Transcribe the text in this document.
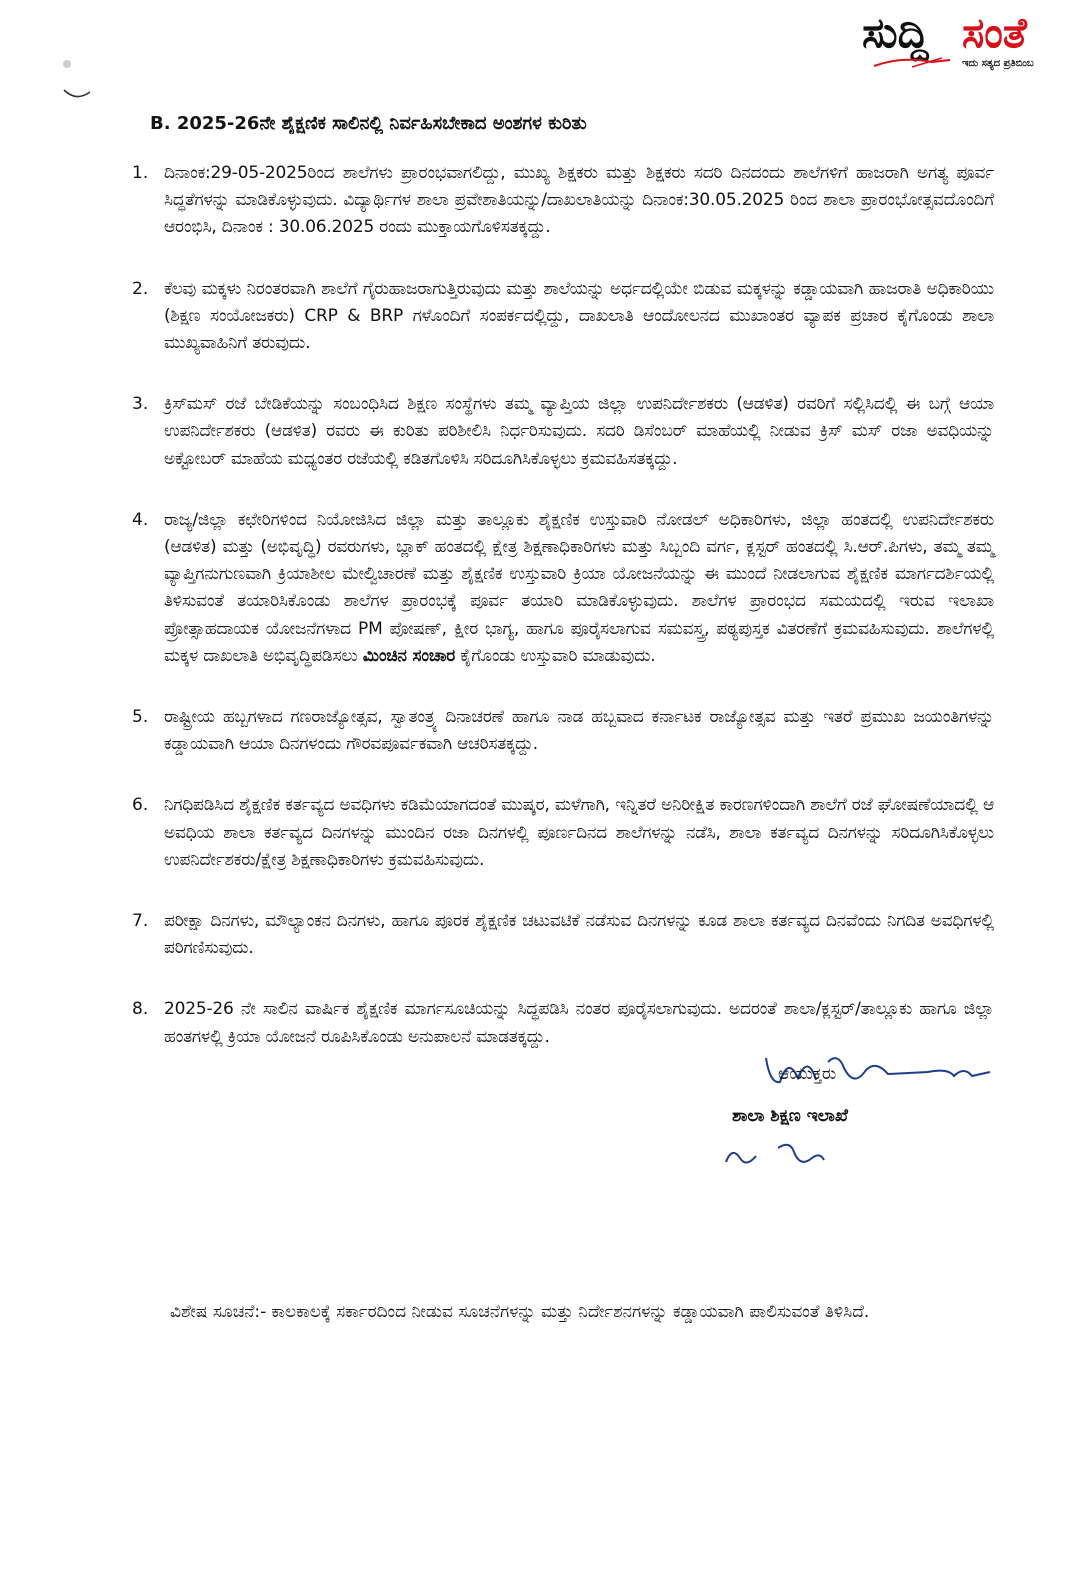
ಸುದ್ದಿ ಸಂತೆ
ಇದು ಸತ್ಯದ ಪ್ರತಿಬಿಂಬ
B. 2025-26ನೇ ಶೈಕ್ಷಣಿಕ ಸಾಲಿನಲ್ಲಿ ನಿರ್ವಹಿಸಬೇಕಾದ ಅಂಶಗಳ ಕುರಿತು
1. ದಿನಾಂಕ:29-05-2025ರಿಂದ ಶಾಲೆಗಳು ಪ್ರಾರಂಭವಾಗಲಿದ್ದು, ಮುಖ್ಯ ಶಿಕ್ಷಕರು ಮತ್ತು ಶಿಕ್ಷಕರು ಸದರಿ ದಿನದಂದು ಶಾಲೆಗಳಿಗೆ ಹಾಜರಾಗಿ ಅಗತ್ಯ ಪೂರ್ವ ಸಿದ್ಧತೆಗಳನ್ನು ಮಾಡಿಕೊಳ್ಳುವುದು. ವಿದ್ಯಾರ್ಥಿಗಳ ಶಾಲಾ ಪ್ರವೇಶಾತಿಯನ್ನು/ದಾಖಲಾತಿಯನ್ನು ದಿನಾಂಕ:30.05.2025 ರಿಂದ ಶಾಲಾ ಪ್ರಾರಂಭೋತ್ಸವದೊಂದಿಗೆ ಆರಂಭಿಸಿ, ದಿನಾಂಕ : 30.06.2025 ರಂದು ಮುಕ್ತಾಯಗೊಳಿಸತಕ್ಕದ್ದು.
2. ಕೆಲವು ಮಕ್ಕಳು ನಿರಂತರವಾಗಿ ಶಾಲೆಗೆ ಗೈರುಹಾಜರಾಗುತ್ತಿರುವುದು ಮತ್ತು ಶಾಲೆಯನ್ನು ಅರ್ಧದಲ್ಲಿಯೇ ಬಿಡುವ ಮಕ್ಕಳನ್ನು ಕಡ್ಡಾಯವಾಗಿ ಹಾಜರಾತಿ ಅಧಿಕಾರಿಯು (ಶಿಕ್ಷಣ ಸಂಯೋಜಕರು) CRP & BRP ಗಳೊಂದಿಗೆ ಸಂಪರ್ಕದಲ್ಲಿದ್ದು, ದಾಖಲಾತಿ ಆಂದೋಲನದ ಮುಖಾಂತರ ವ್ಯಾಪಕ ಪ್ರಚಾರ ಕೈಗೊಂಡು ಶಾಲಾ ಮುಖ್ಯವಾಹಿನಿಗೆ ತರುವುದು.
3. ಕ್ರಿಸ್‌ಮಸ್ ರಜೆ ಬೇಡಿಕೆಯನ್ನು ಸಂಬಂಧಿಸಿದ ಶಿಕ್ಷಣ ಸಂಸ್ಥೆಗಳು ತಮ್ಮ ವ್ಯಾಪ್ತಿಯ ಜಿಲ್ಲಾ ಉಪನಿರ್ದೇಶಕರು (ಆಡಳಿತ) ರವರಿಗೆ ಸಲ್ಲಿಸಿದಲ್ಲಿ ಈ ಬಗ್ಗೆ ಆಯಾ ಉಪನಿರ್ದೇಶಕರು (ಆಡಳಿತ) ರವರು ಈ ಕುರಿತು ಪರಿಶೀಲಿಸಿ ನಿರ್ಧರಿಸುವುದು. ಸದರಿ ಡಿಸೆಂಬರ್ ಮಾಹೆಯಲ್ಲಿ ನೀಡುವ ಕ್ರಿಸ್ ಮಸ್ ರಜಾ ಅವಧಿಯನ್ನು ಅಕ್ಟೋಬರ್ ಮಾಹೆಯ ಮಧ್ಯಂತರ ರಜೆಯಲ್ಲಿ ಕಡಿತಗೊಳಿಸಿ ಸರಿದೂಗಿಸಿಕೊಳ್ಳಲು ಕ್ರಮವಹಿಸತಕ್ಕದ್ದು.
4. ರಾಜ್ಯ/ಜಿಲ್ಲಾ ಕಛೇರಿಗಳಿಂದ ನಿಯೋಜಿಸಿದ ಜಿಲ್ಲಾ ಮತ್ತು ತಾಲ್ಲೂಕು ಶೈಕ್ಷಣಿಕ ಉಸ್ತುವಾರಿ ನೋಡಲ್ ಅಧಿಕಾರಿಗಳು, ಜಿಲ್ಲಾ ಹಂತದಲ್ಲಿ ಉಪನಿರ್ದೇಶಕರು (ಆಡಳಿತ) ಮತ್ತು (ಅಭಿವೃದ್ಧಿ) ರವರುಗಳು, ಬ್ಲಾಕ್ ಹಂತದಲ್ಲಿ ಕ್ಷೇತ್ರ ಶಿಕ್ಷಣಾಧಿಕಾರಿಗಳು ಮತ್ತು ಸಿಬ್ಬಂದಿ ವರ್ಗ, ಕ್ಲಸ್ಟರ್ ಹಂತದಲ್ಲಿ ಸಿ.ಆರ್.ಪಿಗಳು, ತಮ್ಮ ತಮ್ಮ ವ್ಯಾಪ್ತಿಗನುಗುಣವಾಗಿ ಕ್ರಿಯಾಶೀಲ ಮೇಲ್ವಿಚಾರಣೆ ಮತ್ತು ಶೈಕ್ಷಣಿಕ ಉಸ್ತುವಾರಿ ಕ್ರಿಯಾ ಯೋಜನೆಯನ್ನು ಈ ಮುಂದೆ ನೀಡಲಾಗುವ ಶೈಕ್ಷಣಿಕ ಮಾರ್ಗದರ್ಶಿಯಲ್ಲಿ ತಿಳಿಸುವಂತೆ ತಯಾರಿಸಿಕೊಂಡು ಶಾಲೆಗಳ ಪ್ರಾರಂಭಕ್ಕೆ ಪೂರ್ವ ತಯಾರಿ ಮಾಡಿಕೊಳ್ಳುವುದು. ಶಾಲೆಗಳ ಪ್ರಾರಂಭದ ಸಮಯದಲ್ಲಿ ಇರುವ ಇಲಾಖಾ ಪ್ರೋತ್ಸಾಹದಾಯಕ ಯೋಜನೆಗಳಾದ PM ಪೋಷಣ್, ಕ್ಷೀರ ಭಾಗ್ಯ, ಹಾಗೂ ಪೂರೈಸಲಾಗುವ ಸಮವಸ್ತ್ರ, ಪಠ್ಯಪುಸ್ತಕ ವಿತರಣೆಗೆ ಕ್ರಮವಹಿಸುವುದು. ಶಾಲೆಗಳಲ್ಲಿ ಮಕ್ಕಳ ದಾಖಲಾತಿ ಅಭಿವೃದ್ಧಿಪಡಿಸಲು ಮಿಂಚಿನ ಸಂಚಾರ ಕೈಗೊಂಡು ಉಸ್ತುವಾರಿ ಮಾಡುವುದು.
5. ರಾಷ್ಟ್ರೀಯ ಹಬ್ಬಗಳಾದ ಗಣರಾಜ್ಯೋತ್ಸವ, ಸ್ವಾತಂತ್ರ್ಯ ದಿನಾಚರಣೆ ಹಾಗೂ ನಾಡ ಹಬ್ಬವಾದ ಕರ್ನಾಟಕ ರಾಜ್ಯೋತ್ಸವ ಮತ್ತು ಇತರೆ ಪ್ರಮುಖ ಜಯಂತಿಗಳನ್ನು ಕಡ್ಡಾಯವಾಗಿ ಆಯಾ ದಿನಗಳಂದು ಗೌರವಪೂರ್ವಕವಾಗಿ ಆಚರಿಸತಕ್ಕದ್ದು.
6. ನಿಗಧಿಪಡಿಸಿದ ಶೈಕ್ಷಣಿಕ ಕರ್ತವ್ಯದ ಅವಧಿಗಳು ಕಡಿಮೆಯಾಗದಂತೆ ಮುಷ್ಕರ, ಮಳೆಗಾಗಿ, ಇನ್ನಿತರೆ ಅನಿರೀಕ್ಷಿತ ಕಾರಣಗಳಿಂದಾಗಿ ಶಾಲೆಗೆ ರಜೆ ಘೋಷಣೆಯಾದಲ್ಲಿ ಆ ಅವಧಿಯ ಶಾಲಾ ಕರ್ತವ್ಯದ ದಿನಗಳನ್ನು ಮುಂದಿನ ರಜಾ ದಿನಗಳಲ್ಲಿ ಪೂರ್ಣದಿನದ ಶಾಲೆಗಳನ್ನು ನಡೆಸಿ, ಶಾಲಾ ಕರ್ತವ್ಯದ ದಿನಗಳನ್ನು ಸರಿದೂಗಿಸಿಕೊಳ್ಳಲು ಉಪನಿರ್ದೇಶಕರು/ಕ್ಷೇತ್ರ ಶಿಕ್ಷಣಾಧಿಕಾರಿಗಳು ಕ್ರಮವಹಿಸುವುದು.
7. ಪರೀಕ್ಷಾ ದಿನಗಳು, ಮೌಲ್ಯಾಂಕನ ದಿನಗಳು, ಹಾಗೂ ಪೂರಕ ಶೈಕ್ಷಣಿಕ ಚಟುವಟಿಕೆ ನಡೆಸುವ ದಿನಗಳನ್ನು ಕೂಡ ಶಾಲಾ ಕರ್ತವ್ಯದ ದಿನವೆಂದು ನಿಗದಿತ ಅವಧಿಗಳಲ್ಲಿ ಪರಿಗಣಿಸುವುದು.
8. 2025-26 ನೇ ಸಾಲಿನ ವಾರ್ಷಿಕ ಶೈಕ್ಷಣಿಕ ಮಾರ್ಗಸೂಚಿಯನ್ನು ಸಿದ್ಧಪಡಿಸಿ ನಂತರ ಪೂರೈಸಲಾಗುವುದು. ಅದರಂತೆ ಶಾಲಾ/ಕ್ಲಸ್ಟರ್/ತಾಲ್ಲೂಕು ಹಾಗೂ ಜಿಲ್ಲಾ ಹಂತಗಳಲ್ಲಿ ಕ್ರಿಯಾ ಯೋಜನೆ ರೂಪಿಸಿಕೊಂಡು ಅನುಪಾಲನೆ ಮಾಡತಕ್ಕದ್ದು.

ವಿಶೇಷ ಸೂಚನೆ:- ಕಾಲಕಾಲಕ್ಕೆ ಸರ್ಕಾರದಿಂದ ನೀಡುವ ಸೂಚನೆಗಳನ್ನು ಮತ್ತು ನಿರ್ದೇಶನಗಳನ್ನು ಕಡ್ಡಾಯವಾಗಿ ಪಾಲಿಸುವಂತೆ ತಿಳಿಸಿದೆ.

ಆಯುಕ್ತರು
ಶಾಲಾ ಶಿಕ್ಷಣ ಇಲಾಖೆ
